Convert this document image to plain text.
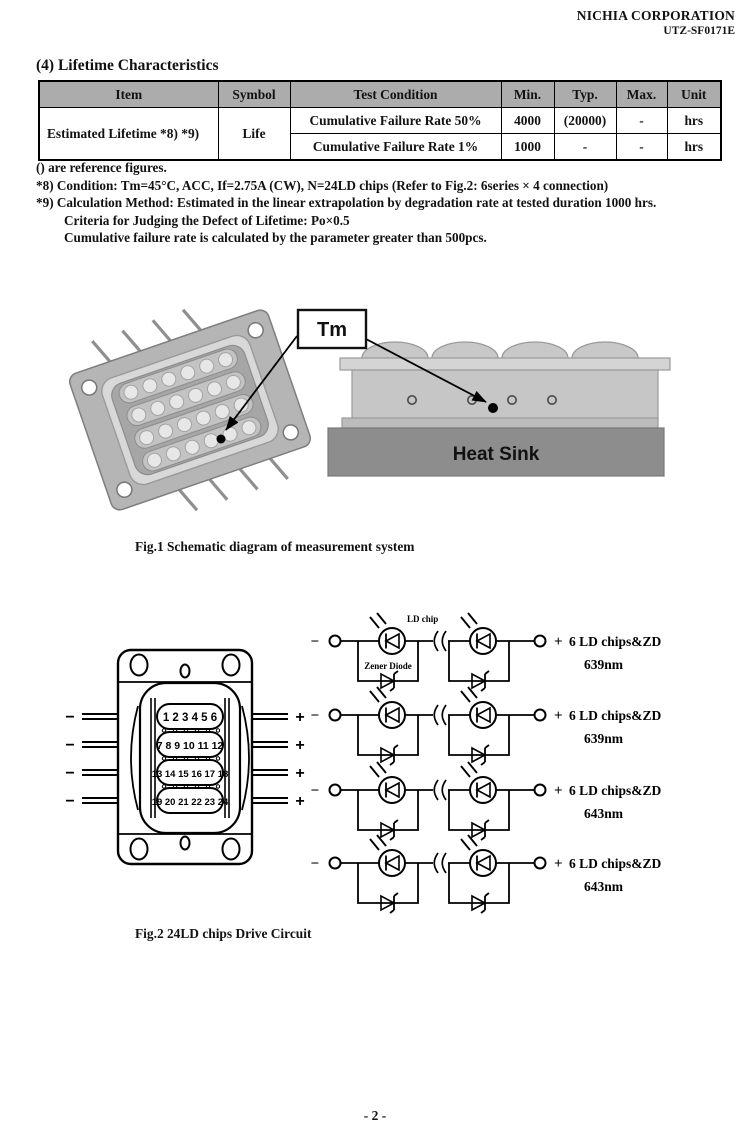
NICHIA CORPORATION
UTZ-SF0171E
(4) Lifetime Characteristics
Item	Symbol	Test Condition	Min.	Typ.	Max.	Unit
Estimated Lifetime *8) *9)	Life	Cumulative Failure Rate 50%	4000	(20000)	-	hrs
		Cumulative Failure Rate 1%	1000	-	-	hrs
() are reference figures.
*8) Condition: Tm=45°C, ACC, If=2.75A (CW), N=24LD chips (Refer to Fig.2: 6series × 4 connection)
*9) Calculation Method: Estimated in the linear extrapolation by degradation rate at tested duration 1000 hrs.
Criteria for Judging the Defect of Lifetime: Po×0.5
Cumulative failure rate is calculated by the parameter greater than 500pcs.
Heat Sink
Tm
Fig.1 Schematic diagram of measurement system
−
−
−
−
+
+
+
+
1 2 3 4 5 6
7 8 9 10 11 12
13 14 15 16 17 18
19 20 21 22 23 24
−
LD chip
Zener Diode
+ 6 LD chips&ZD
639nm
−	+ 6 LD chips&ZD
639nm
−	+ 6 LD chips&ZD
643nm
−	+ 6 LD chips&ZD
643nm
Fig.2 24LD chips Drive Circuit
- 2 -
